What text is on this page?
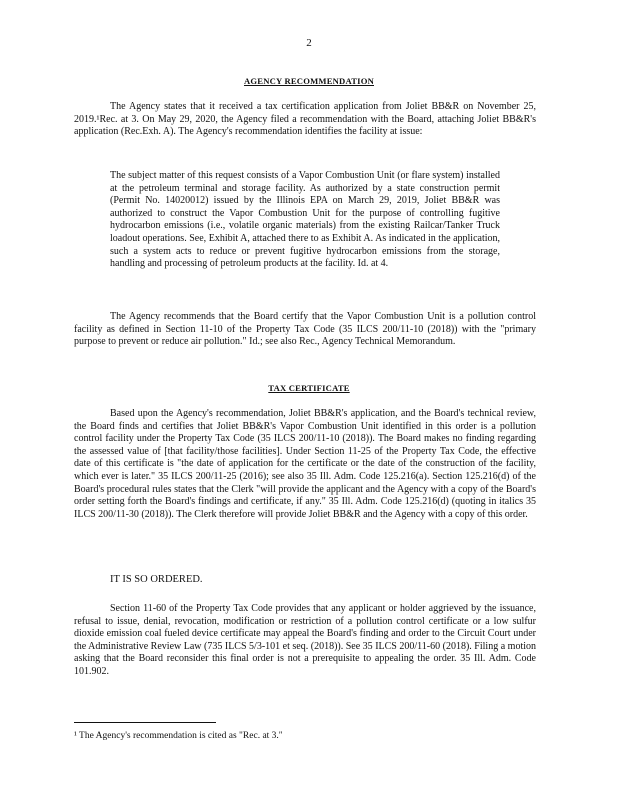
2
AGENCY RECOMMENDATION

The Agency states that it received a tax certification application from Joliet BB&R on November 25, 2019.¹Rec. at 3. On May 29, 2020, the Agency filed a recommendation with the Board, attaching Joliet BB&R's application (Rec.Exh. A). The Agency's recommendation identifies the facility at issue:

The subject matter of this request consists of a Vapor Combustion Unit (or flare system) installed at the petroleum terminal and storage facility. As authorized by a state construction permit (Permit No. 14020012) issued by the Illinois EPA on March 29, 2019, Joliet BB&R was authorized to construct the Vapor Combustion Unit for the purpose of controlling fugitive hydrocarbon emissions (i.e., volatile organic materials) from the existing Railcar/Tanker Truck loadout operations. See, Exhibit A, attached there to as Exhibit A. As indicated in the application, such a system acts to reduce or prevent fugitive hydrocarbon emissions from the storage, handling and processing of petroleum products at the facility. Id. at 4.

The Agency recommends that the Board certify that the Vapor Combustion Unit is a pollution control facility as defined in Section 11-10 of the Property Tax Code (35 ILCS 200/11-10 (2018)) with the "primary purpose to prevent or reduce air pollution." Id.; see also Rec., Agency Technical Memorandum.

TAX CERTIFICATE

Based upon the Agency's recommendation, Joliet BB&R's application, and the Board's technical review, the Board finds and certifies that Joliet BB&R's Vapor Combustion Unit identified in this order is a pollution control facility under the Property Tax Code (35 ILCS 200/11-10 (2018)). The Board makes no finding regarding the assessed value of [that facility/those facilities]. Under Section 11-25 of the Property Tax Code, the effective date of this certificate is "the date of application for the certificate or the date of the construction of the facility, which ever is later." 35 ILCS 200/11-25 (2016); see also 35 Ill. Adm. Code 125.216(a). Section 125.216(d) of the Board's procedural rules states that the Clerk "will provide the applicant and the Agency with a copy of the Board's order setting forth the Board's findings and certificate, if any." 35 Ill. Adm. Code 125.216(d) (quoting in italics 35 ILCS 200/11-30 (2018)). The Clerk therefore will provide Joliet BB&R and the Agency with a copy of this order.

IT IS SO ORDERED.

Section 11-60 of the Property Tax Code provides that any applicant or holder aggrieved by the issuance, refusal to issue, denial, revocation, modification or restriction of a pollution control certificate or a low sulfur dioxide emission coal fueled device certificate may appeal the Board's finding and order to the Circuit Court under the Administrative Review Law (735 ILCS 5/3-101 et seq. (2018)). See 35 ILCS 200/11-60 (2018). Filing a motion asking that the Board reconsider this final order is not a prerequisite to appealing the order. 35 Ill. Adm. Code 101.902.

¹ The Agency's recommendation is cited as "Rec. at 3."
